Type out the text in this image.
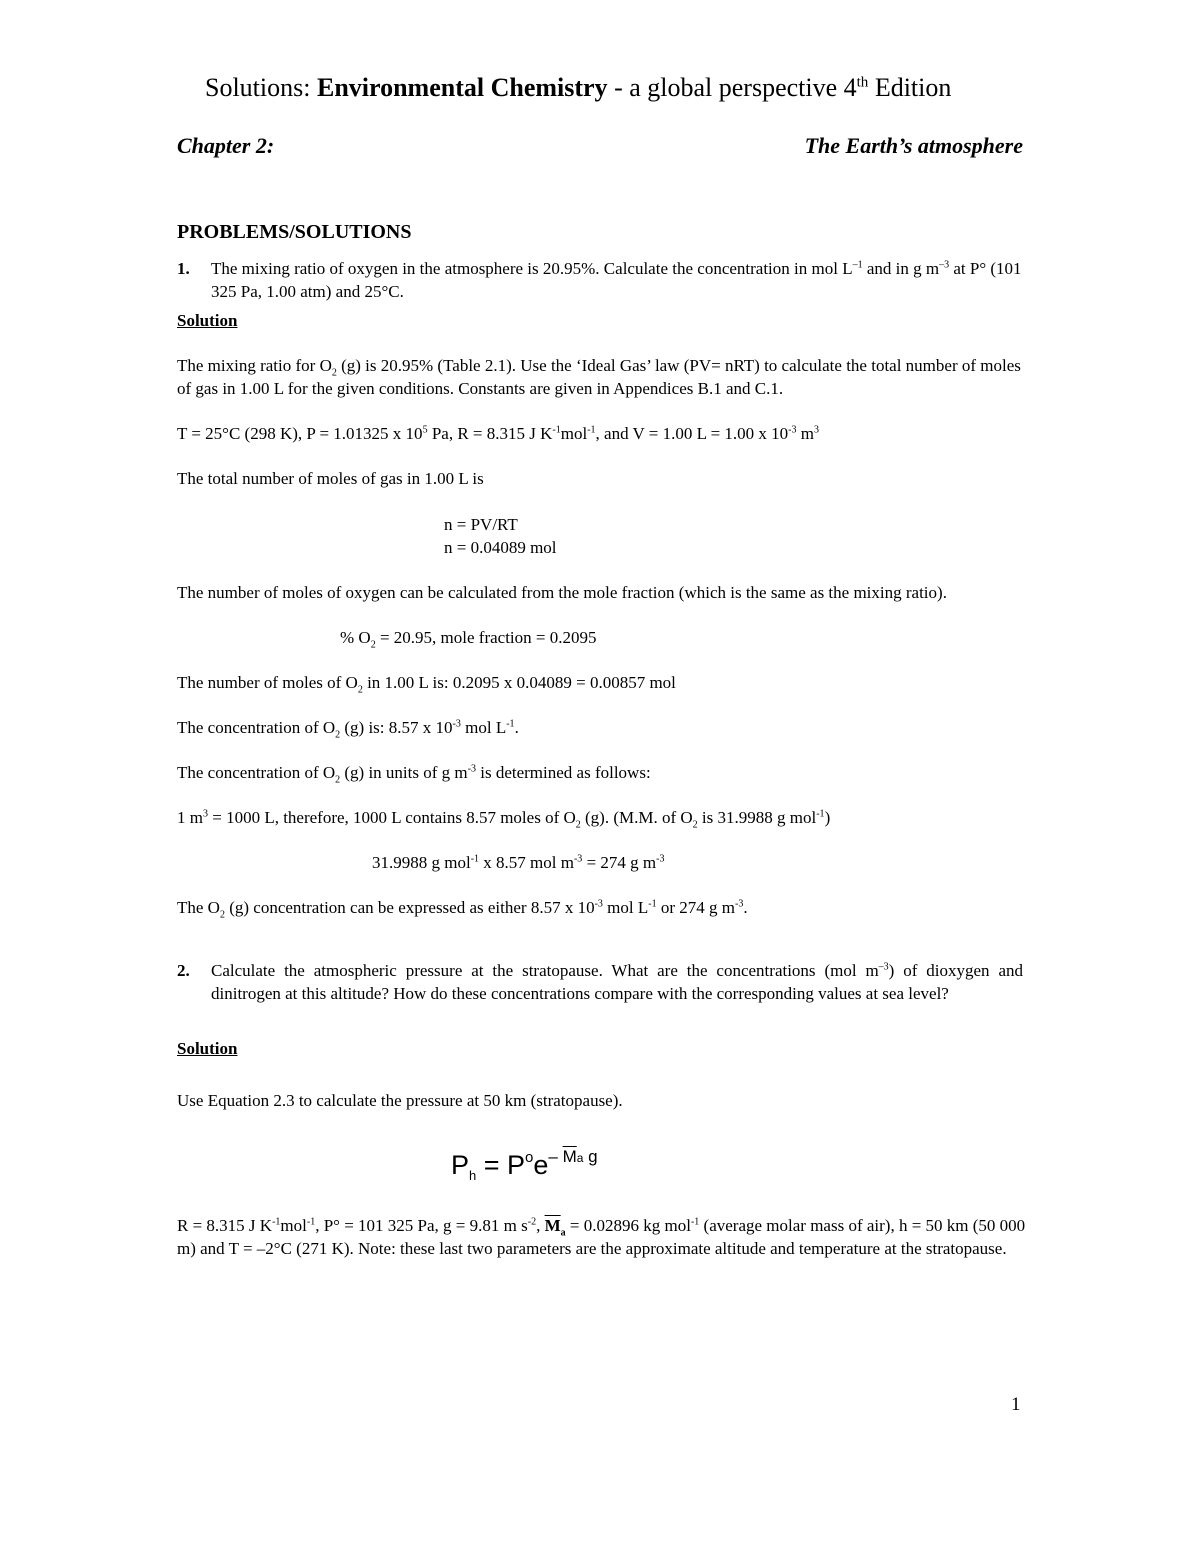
Solutions: Environmental Chemistry - a global perspective 4th Edition
Chapter 2:	The Earth’s atmosphere
PROBLEMS/SOLUTIONS
1. The mixing ratio of oxygen in the atmosphere is 20.95%. Calculate the concentration in mol $L^{-1}$ and in g $m^{-3}$ at P° (101 325 Pa, 1.00 atm) and 25°C.
Solution
The mixing ratio for $O_2$ (g) is 20.95% (Table 2.1). Use the ‘Ideal Gas’ law (PV= nRT) to calculate the total number of moles of gas in 1.00 L for the given conditions. Constants are given in Appendices B.1 and C.1.
T = 25°C (298 K), P = 1.01325 x $10^5$ Pa, R = 8.315 J $K^{-1}mol^{-1}$, and V = 1.00 L = 1.00 x $10^{-3}$ $m^3$
The total number of moles of gas in 1.00 L is
n = PV/RT
n = 0.04089 mol
The number of moles of oxygen can be calculated from the mole fraction (which is the same as the mixing ratio).
% $O_2 = 20.95$, mole fraction = 0.2095
The number of moles of $O_2$ in 1.00 L is: 0.2095 x 0.04089 = 0.00857 mol
The concentration of $O_2$ (g) is: 8.57 x $10^{-3}$ mol $L^{-1}$.
The concentration of $O_2$ (g) in units of g $m^{-3}$ is determined as follows:
1 $m^3 = 1000$ L, therefore, 1000 L contains 8.57 moles of $O_2$ (g). (M.M. of $O_2$ is 31.9988 g mol$^{-1}$)
31.9988 g mol$^{-1}$ x 8.57 mol $m^{-3} = 274$ g $m^{-3}$
The $O_2$ (g) concentration can be expressed as either 8.57 x $10^{-3}$ mol $L^{-1}$ or 274 g $m^{-3}$.
2. Calculate the atmospheric pressure at the stratopause. What are the concentrations (mol $m^{-3}$) of dioxygen and dinitrogen at this altitude? How do these concentrations compare with the corresponding values at sea level?
Solution
Use Equation 2.3 to calculate the pressure at 50 km (stratopause).
$P_h = P^oe^{- \overline{M}a g}$
R = 8.315 J $K^{-1}mol^{-1}$, P° = 101 325 Pa, g = 9.81 m $s^{-2}$, $\overline{M}_a = 0.02896$ kg mol$^{-1}$ (average molar mass of air), h = 50 km (50 000 m) and T = –2°C (271 K). Note: these last two parameters are the approximate altitude and temperature at the stratopause.
1
